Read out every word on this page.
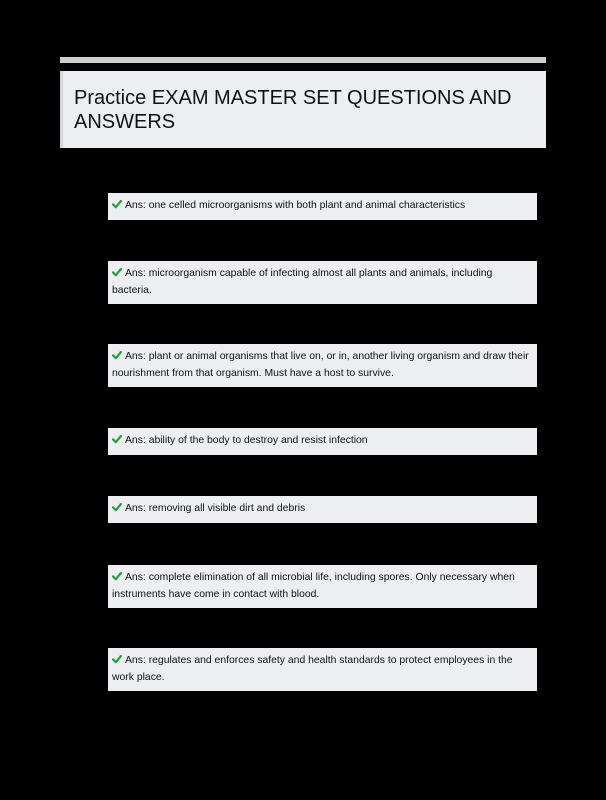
Practice EXAM MASTER SET QUESTIONS AND ANSWERS
Ans: one celled microorganisms with both plant and animal characteristics
Ans: microorganism capable of infecting almost all plants and animals, including bacteria.
Ans: plant or animal organisms that live on, or in, another living organism and draw their nourishment from that organism. Must have a host to survive.
Ans: ability of the body to destroy and resist infection
Ans: removing all visible dirt and debris
Ans: complete elimination of all microbial life, including spores. Only necessary when instruments have come in contact with blood.
Ans: regulates and enforces safety and health standards to protect employees in the work place.
